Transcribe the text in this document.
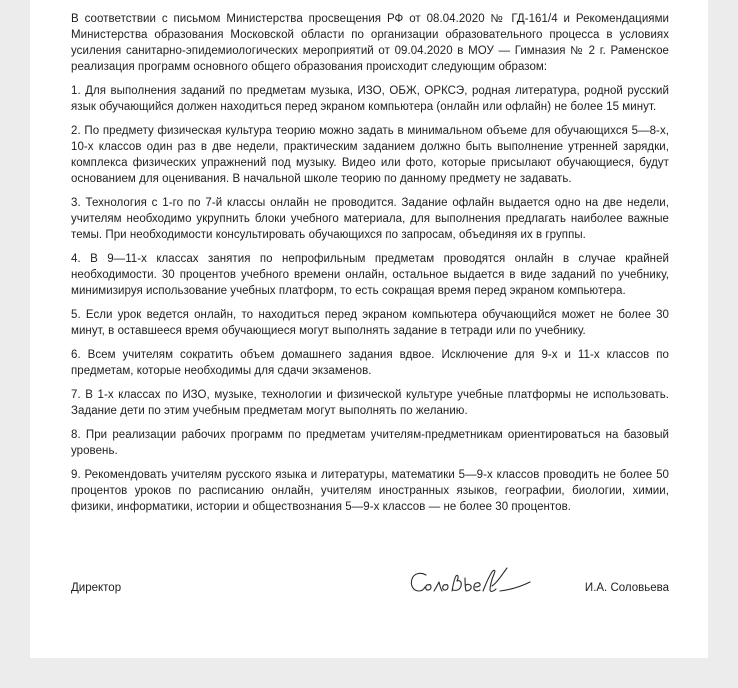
В соответствии с письмом Министерства просвещения РФ от 08.04.2020 № ГД-161/4 и Рекомендациями Министерства образования Московской области по организации образовательного процесса в условиях усиления санитарно-эпидемиологических мероприятий от 09.04.2020 в МОУ — Гимназия № 2 г. Раменское реализация программ основного общего образования происходит следующим образом:

1. Для выполнения заданий по предметам музыка, ИЗО, ОБЖ, ОРКСЭ, родная литература, родной русский язык обучающийся должен находиться перед экраном компьютера (онлайн или офлайн) не более 15 минут.

2. По предмету физическая культура теорию можно задать в минимальном объеме для обучающихся 5—8-х, 10-х классов один раз в две недели, практическим заданием должно быть выполнение утренней зарядки, комплекса физических упражнений под музыку. Видео или фото, которые присылают обучающиеся, будут основанием для оценивания. В начальной школе теорию по данному предмету не задавать.

3. Технология с 1-го по 7-й классы онлайн не проводится. Задание офлайн выдается одно на две недели, учителям необходимо укрупнить блоки учебного материала, для выполнения предлагать наиболее важные темы. При необходимости консультировать обучающихся по запросам, объединяя их в группы.

4. В 9—11-х классах занятия по непрофильным предметам проводятся онлайн в случае крайней необходимости. 30 процентов учебного времени онлайн, остальное выдается в виде заданий по учебнику, минимизируя использование учебных платформ, то есть сокращая время перед экраном компьютера.

5. Если урок ведется онлайн, то находиться перед экраном компьютера обучающийся может не более 30 минут, в оставшееся время обучающиеся могут выполнять задание в тетради или по учебнику.

6. Всем учителям сократить объем домашнего задания вдвое. Исключение для 9-х и 11-х классов по предметам, которые необходимы для сдачи экзаменов.

7. В 1-х классах по ИЗО, музыке, технологии и физической культуре учебные платформы не использовать. Задание дети по этим учебным предметам могут выполнять по желанию.

8. При реализации рабочих программ по предметам учителям-предметникам ориентироваться на базовый уровень.

9. Рекомендовать учителям русского языка и литературы, математики 5—9-х классов проводить не более 50 процентов уроков по расписанию онлайн, учителям иностранных языков, географии, биологии, химии, физики, информатики, истории и обществознания 5—9-х классов — не более 30 процентов.

Директор	И.А. Соловьева
